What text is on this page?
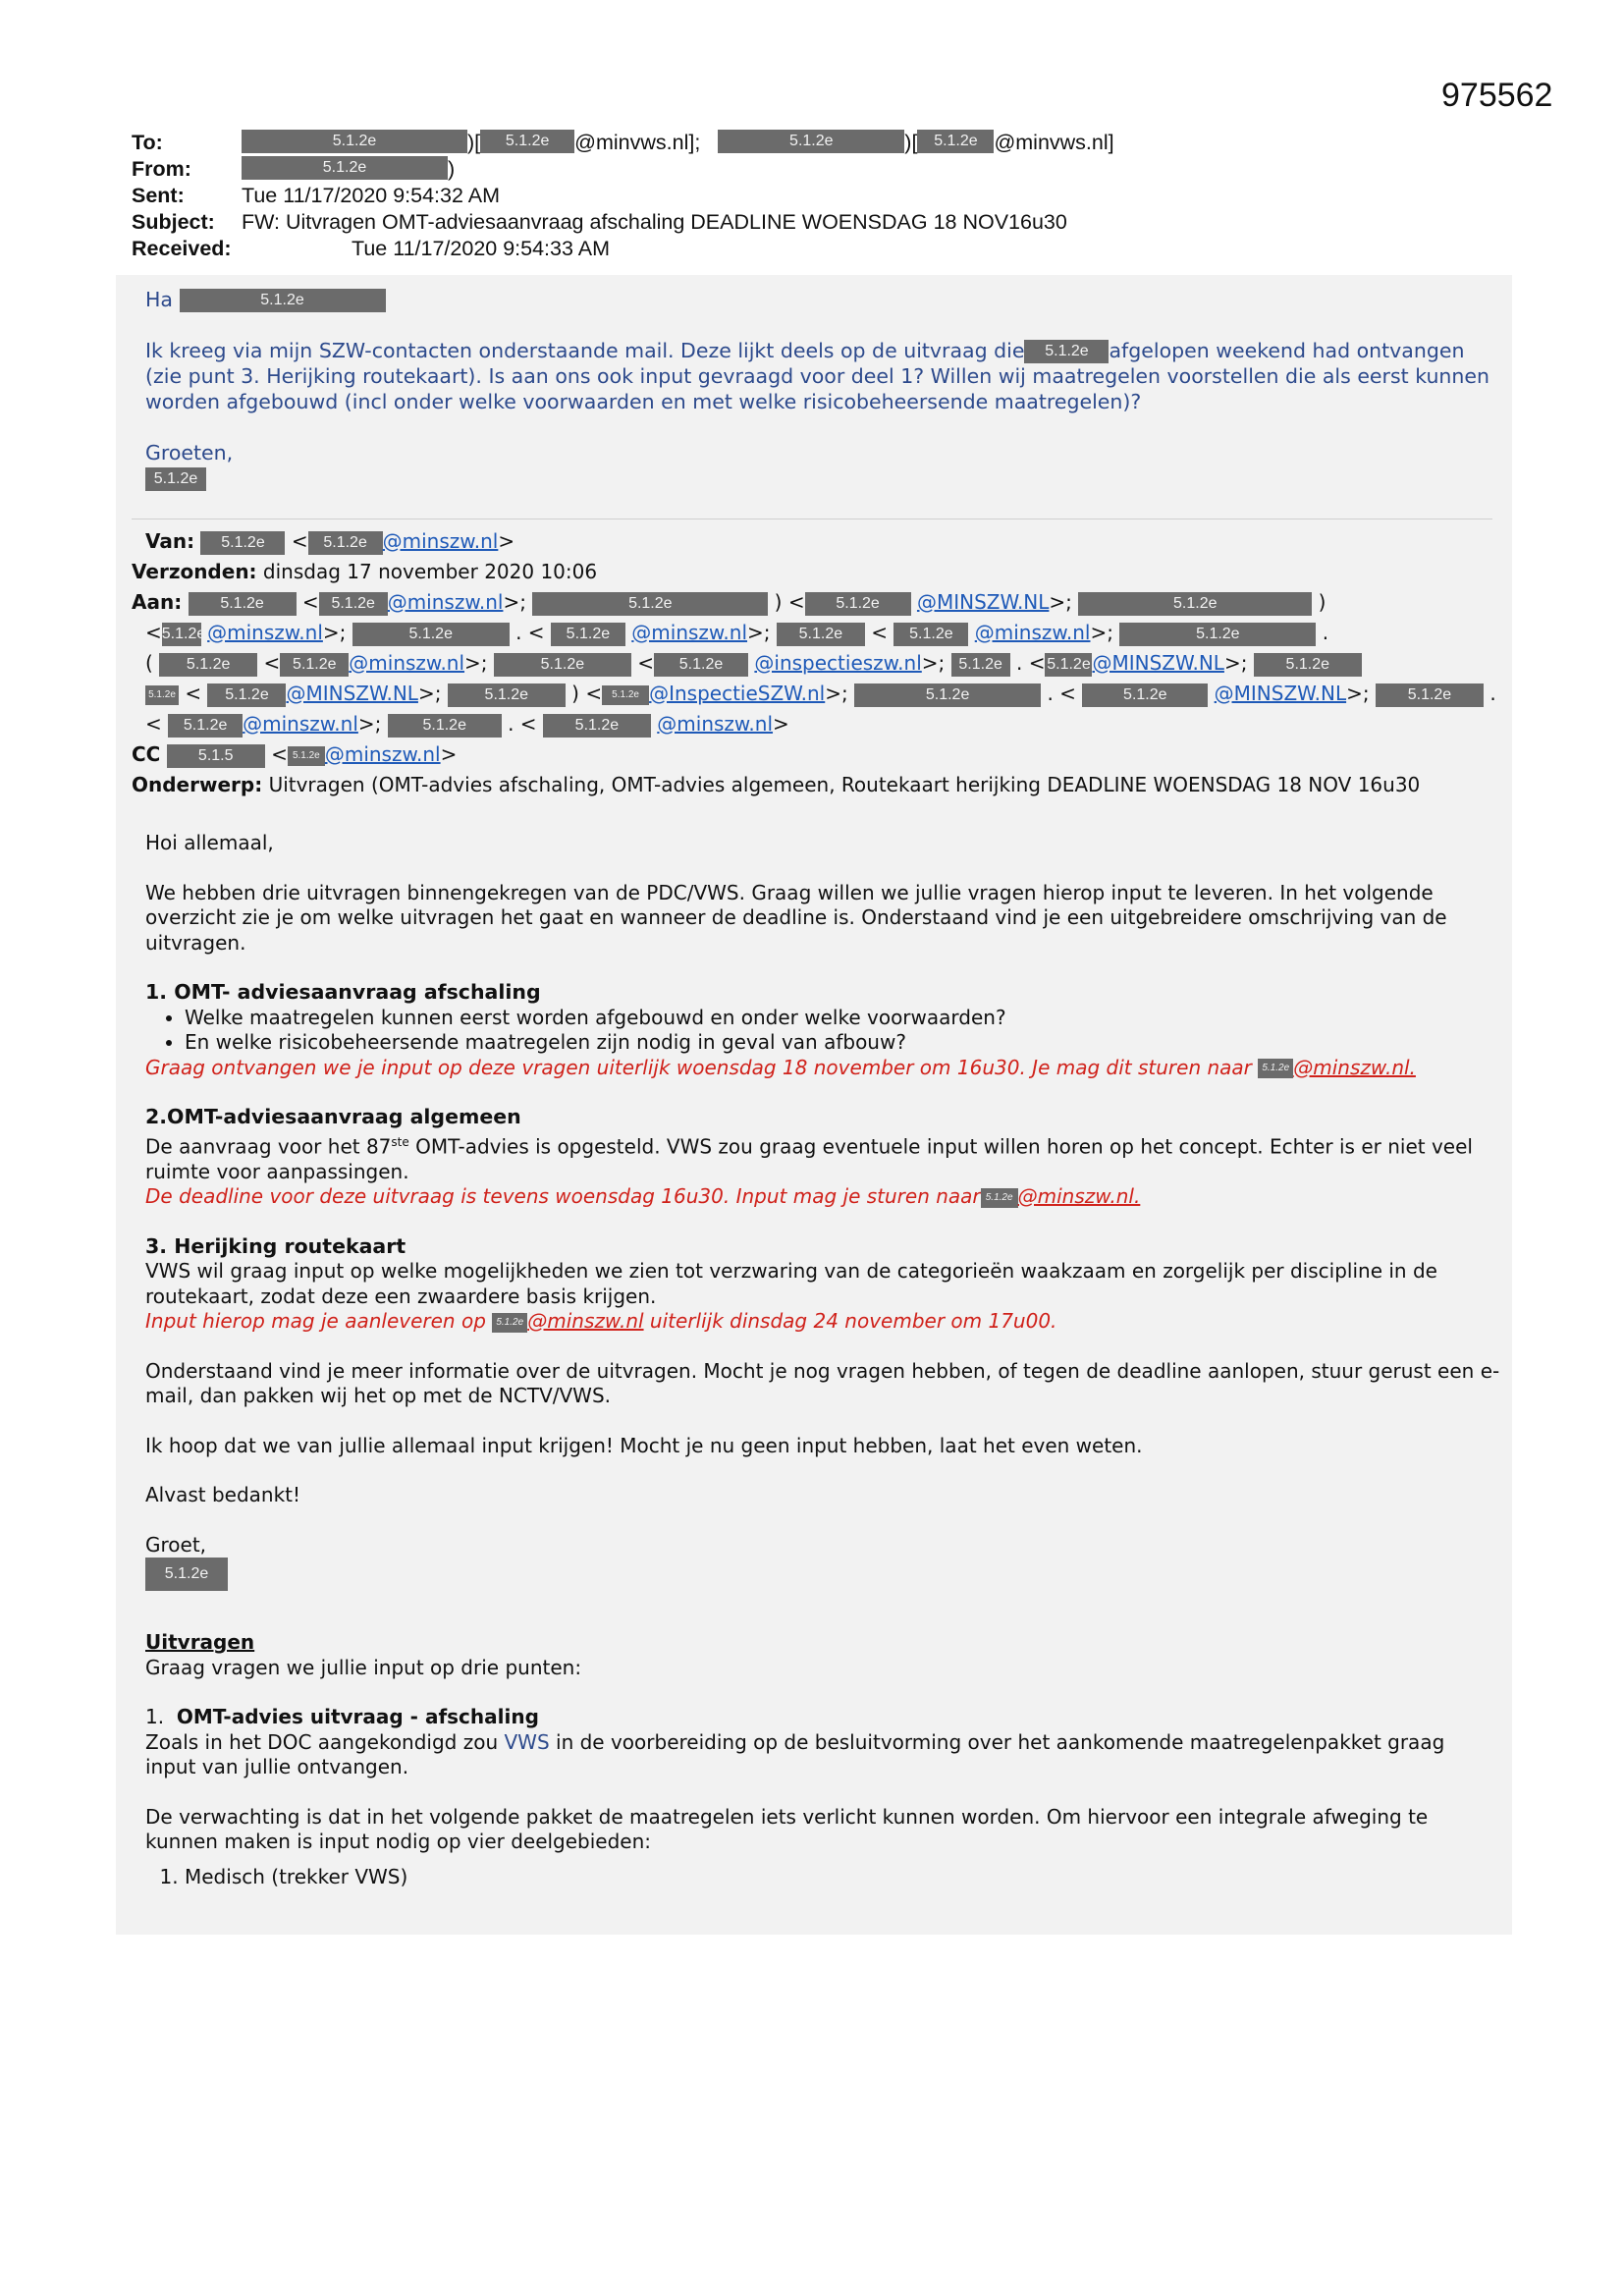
975562
To:	5.1.2e	)[	5.1.2e	@minvws.nl];	5.1.2e	)[	5.1.2e @minvws.nl]
From:	5.1.2e	)
Sent:	Tue 11/17/2020 9:54:32 AM
Subject:	FW: Uitvragen OMT-adviesaanvraag afschaling DEADLINE WOENSDAG 18 NOV16u30
Received:	Tue 11/17/2020 9:54:33 AM

Ha	5.1.2e

Ik kreeg via mijn SZW-contacten onderstaande mail. Deze lijkt deels op de uitvraag die 5.1.2e afgelopen weekend had ontvangen (zie punt 3. Herijking routekaart). Is aan ons ook input gevraagd voor deel 1? Willen wij maatregelen voorstellen die als eerst kunnen worden afgebouwd (incl onder welke voorwaarden en met welke risicobeheersende maatregelen)?

Groeten,
5.1.2e

Van: 5.1.2e < 5.1.2e @minszw.nl>
Verzonden: dinsdag 17 november 2020 10:06
Aan: 5.1.2e < 5.1.2e @minszw.nl>;	5.1.2e	) < 5.1.2e @MINSZW.NL>;	5.1.2e	)
<5.1.2e @minszw.nl>;	5.1.2e	. < 5.1.2e @minszw.nl>; 5.1.2e < 5.1.2e @minszw.nl>;	5.1.2e	.
( 5.1.2e < 5.1.2e @minszw.nl>;	5.1.2e < 5.1.2e @inspectieszw.nl>; 5.1.2e . < 5.1.2e@MINSZW.NL>; 5.1.2e
5.1.2e < 5.1.2e @MINSZW.NL>; 5.1.2e ) < 5.1.2e @InspectieSZW.nl>;	5.1.2e	. <	5.1.2e @MINSZW.NL>; 5.1.2e .
< 5.1.2e @minszw.nl>; 5.1.2e . < 5.1.2e @minszw.nl>
CC 5.1.5 < 5.1.2e @minszw.nl>
Onderwerp: Uitvragen (OMT-advies afschaling, OMT-advies algemeen, Routekaart herijking DEADLINE WOENSDAG 18 NOV 16u30

Hoi allemaal,

We hebben drie uitvragen binnengekregen van de PDC/VWS. Graag willen we jullie vragen hierop input te leveren. In het volgende overzicht zie je om welke uitvragen het gaat en wanneer de deadline is. Onderstaand vind je een uitgebreidere omschrijving van de uitvragen.

1. OMT- adviesaanvraag afschaling
• Welke maatregelen kunnen eerst worden afgebouwd en onder welke voorwaarden?
• En welke risicobeheersende maatregelen zijn nodig in geval van afbouw?
Graag ontvangen we je input op deze vragen uiterlijk woensdag 18 november om 16u30. Je mag dit sturen naar 5.1.2e @minszw.nl.
2.OMT-adviesaanvraag algemeen
De aanvraag voor het 87ste OMT-advies is opgesteld. VWS zou graag eventuele input willen horen op het concept. Echter is er niet veel ruimte voor aanpassingen.
De deadline voor deze uitvraag is tevens woensdag 16u30. Input mag je sturen naar 5.1.2e @minszw.nl.
3. Herijking routekaart
VWS wil graag input op welke mogelijkheden we zien tot verzwaring van de categorieën waakzaam en zorgelijk per discipline in de routekaart, zodat deze een zwaardere basis krijgen.
Input hierop mag je aanleveren op 5.1.2e @minszw.nl uiterlijk dinsdag 24 november om 17u00.

Onderstaand vind je meer informatie over de uitvragen. Mocht je nog vragen hebben, of tegen de deadline aanlopen, stuur gerust een e-mail, dan pakken wij het op met de NCTV/VWS.

Ik hoop dat we van jullie allemaal input krijgen! Mocht je nu geen input hebben, laat het even weten.

Alvast bedankt!

Groet,
5.1.2e

Uitvragen

Graag vragen we jullie input op drie punten:

1. OMT-advies uitvraag - afschaling

Zoals in het DOC aangekondigd zou VWS in de voorbereiding op de besluitvorming over het aankomende maatregelenpakket graag input van jullie ontvangen.

De verwachting is dat in het volgende pakket de maatregelen iets verlicht kunnen worden. Om hiervoor een integrale afweging te kunnen maken is input nodig op vier deelgebieden:

1. Medisch (trekker VWS)
